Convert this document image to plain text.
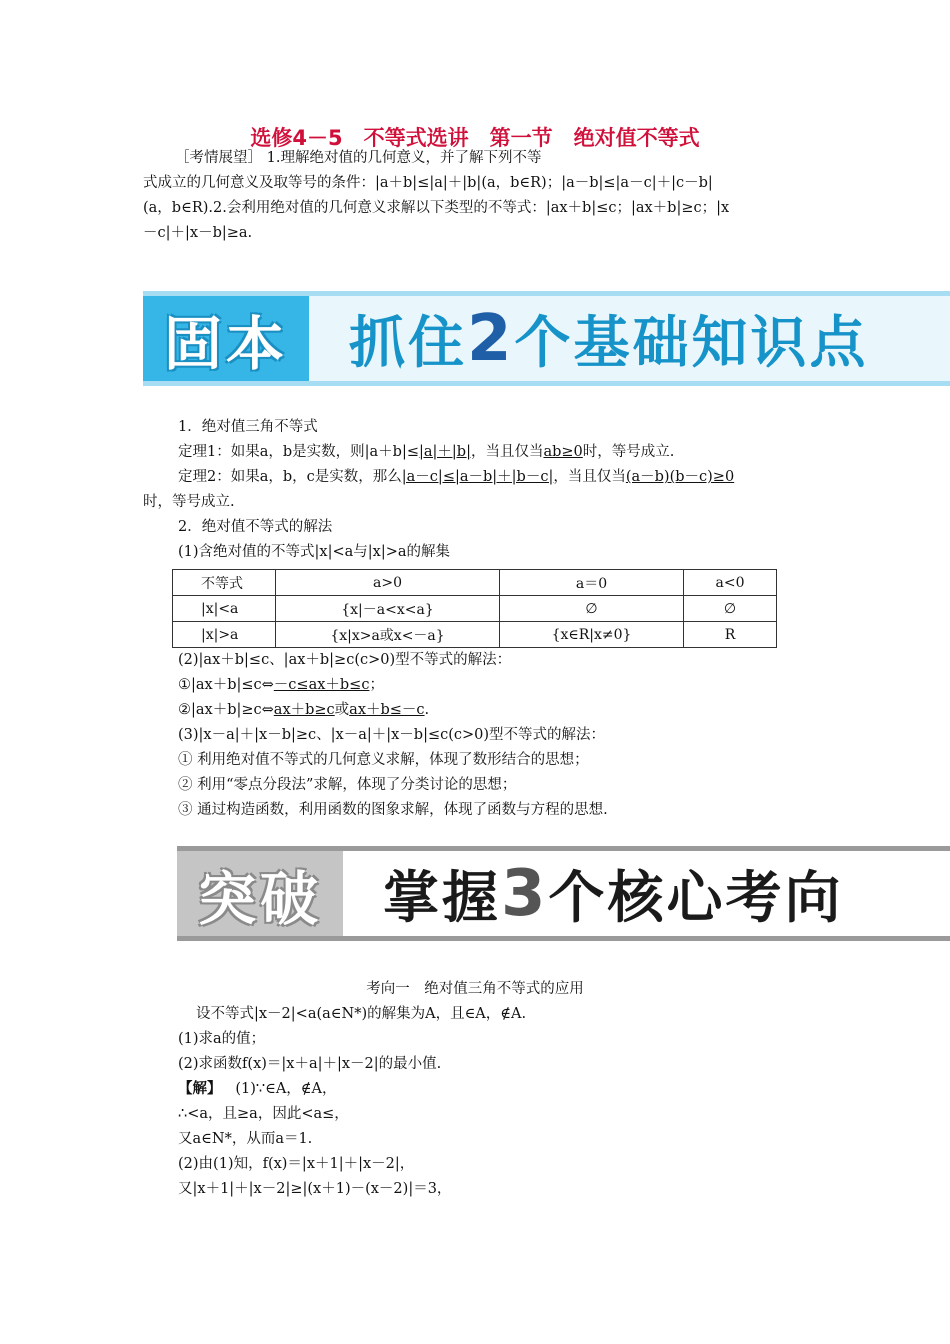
选修4－5　不等式选讲　第一节　绝对值不等式
［考情展望］ 1.理解绝对值的几何意义，并了解下列不等
式成立的几何意义及取等号的条件：|a＋b|≤|a|＋|b|(a，b∈R)；|a－b|≤|a－c|＋|c－b|
(a，b∈R).2.会利用绝对值的几何意义求解以下类型的不等式：|ax＋b|≤c；|ax＋b|≥c；|x
－c|＋|x－b|≥a.
固本	抓住 2 个基础知识点
1．绝对值三角不等式
定理1：如果a，b是实数，则|a＋b|≤|a|＋|b|，当且仅当ab≥0时，等号成立.
定理2：如果a，b，c是实数，那么|a－c|≤|a－b|＋|b－c|，当且仅当(a－b)(b－c)≥0
时，等号成立.
2．绝对值不等式的解法
(1)含绝对值的不等式|x|<a与|x|>a的解集
不等式	a>0	a＝0	a<0
|x|<a	{x|－a<x<a}	∅	∅
|x|>a	{x|x>a或x<－a}	{x∈R|x≠0}	R
(2)|ax＋b|≤c、|ax＋b|≥c(c>0)型不等式的解法：
①|ax＋b|≤c⇔－c≤ax＋b≤c；
②|ax＋b|≥c⇔ax＋b≥c或ax＋b≤－c.
(3)|x－a|＋|x－b|≥c、|x－a|＋|x－b|≤c(c>0)型不等式的解法：
① 利用绝对值不等式的几何意义求解，体现了数形结合的思想；
② 利用“零点分段法”求解，体现了分类讨论的思想；
③ 通过构造函数，利用函数的图象求解，体现了函数与方程的思想.
突破	掌握 3 个核心考向
考向一　绝对值三角不等式的应用
设不等式|x－2|<a(a∈N*)的解集为A，且∈A，∉A.
(1)求a的值；
(2)求函数f(x)＝|x＋a|＋|x－2|的最小值.
【解】 (1)∵∈A，∉A，
∴<a，且≥a，因此<a≤，
又a∈N*，从而a＝1.
(2)由(1)知，f(x)＝|x＋1|＋|x－2|，
又|x＋1|＋|x－2|≥|(x＋1)－(x－2)|＝3，
